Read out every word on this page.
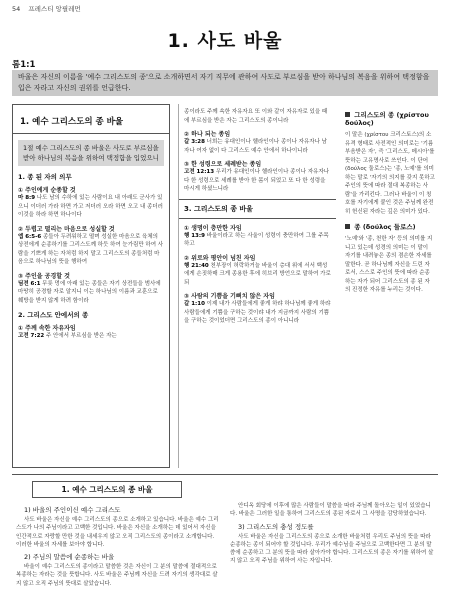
54 프레스티 앙필레먼
1. 사도 바울
롬1:1
바울은 자신의 이름을 '예수 그리스도의 종'으로 소개하면서 자기 직무에 관하여 사도로 부르심을 받아 하나님의 복음을 위하여 택정함을 입은 자라고 자신의 권위를 언급한다.
1. 예수 그리스도의 종 바울
1절 예수 그리스도의 종 바울은 사도로 부르심을 받아 하나님의 복음을 위하여 택정함을 입었으니
1. 종 된 자의 의무
① 주인에게 순종할 것
마 8:9 나도 남의 수하에 있는 사람이요 내 아래도 군사가 있으니 이더러 가라 하면 가고 저더러 오라 하면 오고 내 종더러 이것을 하라 하면 하나이다
② 두렵고 떨리는 마음으로 성실할 것
엡 6:5-6 종들아 두려워하고 떨며 성실한 마음으로 육체의 상전에게 순종하기를 그리스도께 하듯 하여 눈가림만 하여 사람을 기쁘게 하는 자처럼 하지 말고 그리스도의 종들처럼 마음으로 하나님의 뜻을 행하여
③ 주인을 공경할 것
딤전 6:1 무릇 멍에 아래 있는 종들은 자기 상전들을 범사에 마땅히 공경할 자로 알지니 이는 하나님의 이름과 교훈으로 훼방을 받지 않게 하려 함이라
2. 그리스도 안에서의 종
① 주께 속한 자유자임
고전 7:22 주 안에서 부르심을 받은 자는
종이라도 주께 속한 자유자요 또 이와 같이 자유자로 있을 때에 부르심을 받은 자는 그리스도의 종이니라
② 하나 되는 종임
갈 3:28 너희는 유대인이나 헬라인이나 종이나 자유자나 남자나 여자 없이 다 그리스도 예수 안에서 하나이니라
③ 한 성령으로 세례받는 종임
고전 12:13 우리가 유대인이나 헬라인이나 종이나 자유자나 다 한 성령으로 세례를 받아 한 몸이 되었고 또 다 한 성령을 마시게 하셨느니라
3. 그리스도의 종 바울
① 생명이 충만한 자임
행 13:9 바울이라고 하는 사울이 성령이 충만하여 그를 주목하고
② 위로와 평안이 넘친 자임
행 21:40 천부장이 허락하거늘 바울이 층대 위에 서서 백성에게 손짓하매 크게 종용한 후에 히브리 방언으로 말하여 가로되
③ 사람의 기쁨을 기뻐치 않은 자임
갈 1:10 이제 내가 사람들에게 좋게 하랴 하나님께 좋게 하랴 사람들에게 기쁨을 구하는 것이랴 내가 지금까지 사람의 기쁨을 구하는 것이었더면 그리스도의 종이 아니니라
그리스도의 종 (χρίστου δούλος)
이 말은 (χρίστου 크리스토스)의 소유격 형태로 사전적인 의미로는 '기름 부음받은 자', 즉 '그리스도, 메시아'를 뜻하는 고유명사로 쓰인다. 이 단어(δούλος 둘로스)는 '종, 노예'를 의미하는 말로 '자기의 의지를 갖지 못하고 주인의 뜻에 따라 절대 복종하는 사람'을 가리킨다. 그러나 바울이 이 칭호를 자기에게 붙인 것은 주님께 완전히 헌신된 자라는 깊은 의미가 있다.
종 (δούλος 둘로스)
'노예'와 '종, 천한 자' 등의 의미를 지니고 있는데 성경의 의미는 이 말이 자기를 내려놓은 종의 겸손한 자세를 말한다. 곧 하나님께 자신을 드린 자로서, 스스로 주인의 뜻에 따라 순종하는 자가 되어 그리스도의 종 된 자의 진정한 자유를 누리는 것이다.
1. 예수 그리스도의 종 바울
1) 바울의 주인이신 예수 그리스도
사도 바울은 자신을 예수 그리스도의 종으로 소개하고 있습니다. 바울은 예수 그리스도가 나의 주님이라고 고백한 것입니다. 바울은 자신을 소개하는 데 있어서 자신을 인간적으로 자랑할 만한 것을 내세우지 않고 오직 그리스도의 종이라고 소개합니다. 이러한 바울의 자세를 보아야 합니다.
2) 주님의 말씀에 순종하는 바울
바울이 예수 그리스도의 종이라고 말씀한 것은 자신이 그 분의 말씀에 절대적으로 복종하는 자라는 것을 뜻합니다. 사도 바울은 주님께 자신을 드려 자기의 생각대로 살지 않고 오직 주님의 뜻대로 살았습니다.
안디옥 회당에 이후에 많은 사람들이 말씀을 따라 주님께 돌아오는 일이 있었습니다. 바울은 그러한 일을 통하여 그리스도의 종된 자로서 그 사명을 감당하였습니다.
3) 그리스도의 충성 정도를
사도 바울은 자신을 그리스도의 종으로 소개한 바울처럼 우리도 주님의 뜻을 따라 순종하는 종이 되어야 할 것입니다. 우리가 예수님을 주님으로 고백한다면 그 분의 말씀에 순종하고 그 분의 뜻을 따라 살아가야 합니다. 그리스도의 종은 자기를 위하여 살지 않고 오직 주님을 위하여 사는 자입니다.
